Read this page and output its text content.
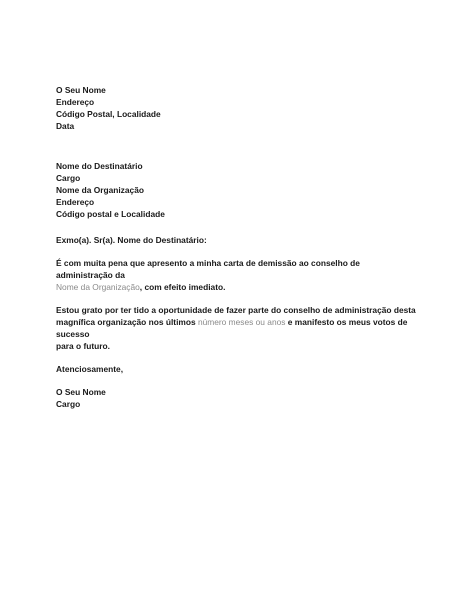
O Seu Nome

Endereço

Código Postal, Localidade

Data

Nome do Destinatário

Cargo

Nome da Organização

Endereço

Código postal e Localidade

Exmo(a). Sr(a). Nome do Destinatário:

É com muita pena que apresento a minha carta de demissão ao conselho de administração da

Nome da Organização, com efeito imediato.

Estou grato por ter tido a oportunidade de fazer parte do conselho de administração desta

magnífica organização nos últimos número meses ou anos e manifesto os meus votos de sucesso

para o futuro.

Atenciosamente,

O Seu Nome

Cargo
